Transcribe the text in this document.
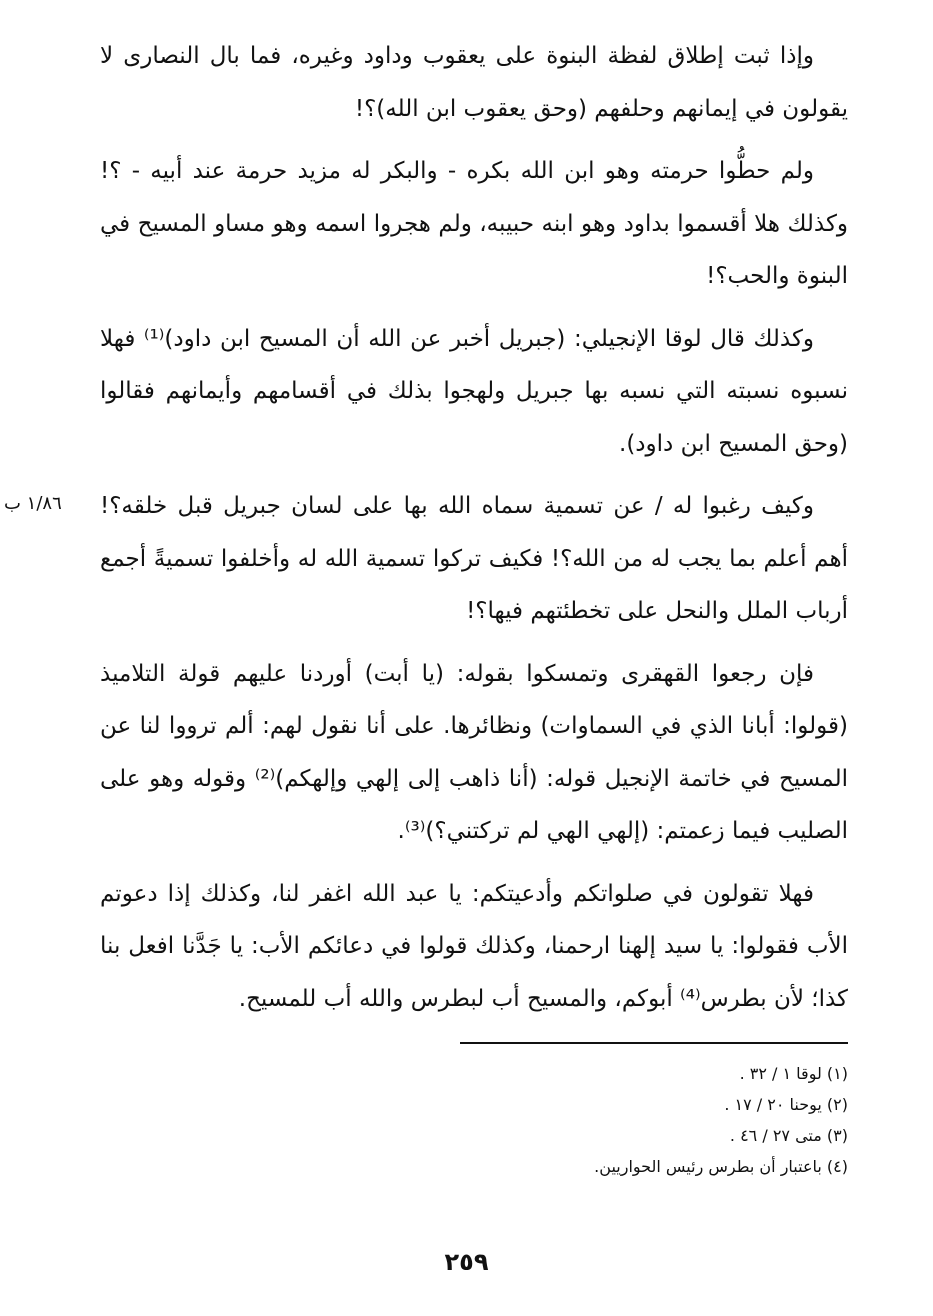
وإذا ثبت إطلاق لفظة البنوة على يعقوب وداود وغيره، فما بال النصارى لا يقولون في إيمانهم وحلفهم (وحق يعقوب ابن الله)؟!

ولم حطُّوا حرمته وهو ابن الله بكره - والبكر له مزيد حرمة عند أبيه - ؟! وكذلك هلا أقسموا بداود وهو ابنه حبيبه، ولم هجروا اسمه وهو مساو المسيح في البنوة والحب؟!

وكذلك قال لوقا الإنجيلي: (جبريل أخبر عن الله أن المسيح ابن داود)⁽¹⁾ فهلا نسبوه نسبته التي نسبه بها جبريل ولهجوا بذلك في أقسامهم وأيمانهم فقالوا (وحق المسيح ابن داود).

وكيف رغبوا له / عن تسمية سماه الله بها على لسان جبريل قبل خلقه؟! أهم أعلم بما يجب له من الله؟! فكيف تركوا تسمية الله له وأخلفوا تسميةً أجمع أرباب الملل والنحل على تخطئتهم فيها؟!

فإن رجعوا القهقرى وتمسكوا بقوله: (يا أبت) أوردنا عليهم قولة التلاميذ (قولوا: أبانا الذي في السماوات) ونظائرها. على أنا نقول لهم: ألم ترووا لنا عن المسيح في خاتمة الإنجيل قوله: (أنا ذاهب إلى إلهي وإلهكم)⁽²⁾ وقوله وهو على الصليب فيما زعمتم: (إلهي الهي لم تركتني؟)⁽³⁾.

فهلا تقولون في صلواتكم وأدعيتكم: يا عبد الله اغفر لنا، وكذلك إذا دعوتم الأب فقولوا: يا سيد إلهنا ارحمنا، وكذلك قولوا في دعائكم الأب: يا جَدَّنا افعل بنا كذا؛ لأن بطرس⁽⁴⁾ أبوكم، والمسيح أب لبطرس والله أب للمسيح.

١/٨٦ ب

(١) لوقا ١ / ٣٢ .

(٢) يوحنا ٢٠ / ١٧ .

(٣) متى ٢٧ / ٤٦ .

(٤) باعتبار أن بطرس رئيس الحواريين.

٢٥٩
